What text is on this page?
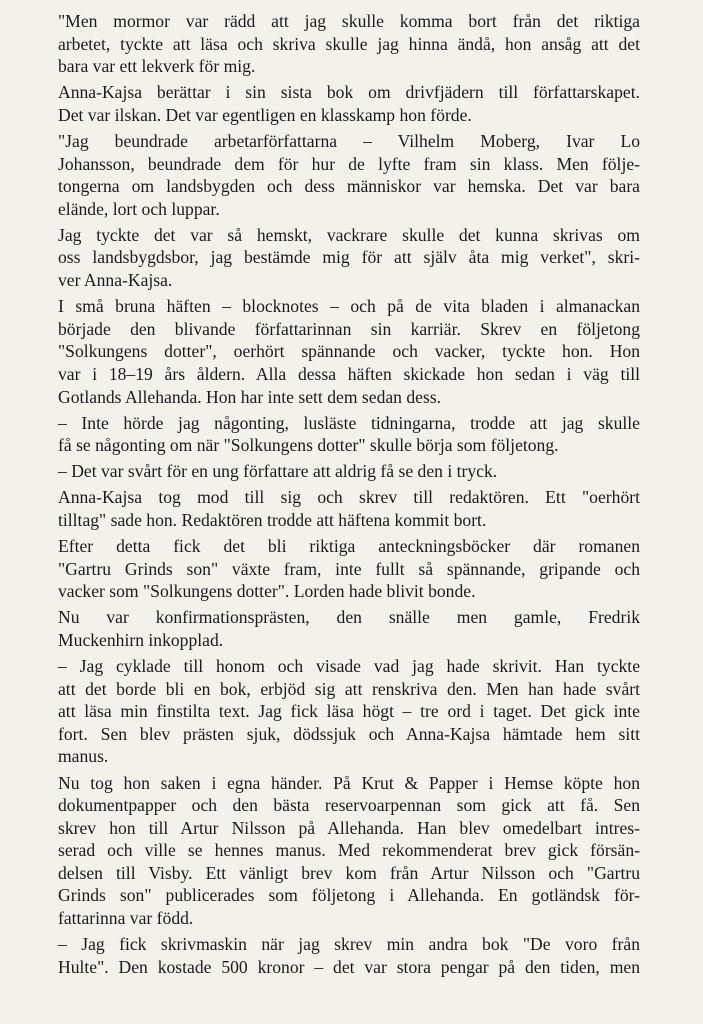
"Men mormor var rädd att jag skulle komma bort från det riktiga
arbetet, tyckte att läsa och skriva skulle jag hinna ändå, hon ansåg att det
bara var ett lekverk för mig.

Anna-Kajsa berättar i sin sista bok om drivfjädern till författarskapet.
Det var ilskan. Det var egentligen en klasskamp hon förde.

"Jag beundrade arbetarförfattarna – Vilhelm Moberg, Ivar Lo
Johansson, beundrade dem för hur de lyfte fram sin klass. Men följe-
tongerna om landsbygden och dess människor var hemska. Det var bara
elände, lort och luppar.

Jag tyckte det var så hemskt, vackrare skulle det kunna skrivas om
oss landsbygdsbor, jag bestämde mig för att själv åta mig verket", skri-
ver Anna-Kajsa.

I små bruna häften – blocknotes – och på de vita bladen i almanackan
började den blivande författarinnan sin karriär. Skrev en följetong
"Solkungens dotter", oerhört spännande och vacker, tyckte hon. Hon
var i 18–19 års åldern. Alla dessa häften skickade hon sedan i väg till
Gotlands Allehanda. Hon har inte sett dem sedan dess.

– Inte hörde jag någonting, lusläste tidningarna, trodde att jag skulle
få se någonting om när "Solkungens dotter" skulle börja som följetong.

– Det var svårt för en ung författare att aldrig få se den i tryck.

Anna-Kajsa tog mod till sig och skrev till redaktören. Ett "oerhört
tilltag" sade hon. Redaktören trodde att häftena kommit bort.

Efter detta fick det bli riktiga anteckningsböcker där romanen
"Gartru Grinds son" växte fram, inte fullt så spännande, gripande och
vacker som "Solkungens dotter". Lorden hade blivit bonde.

Nu var konfirmationsprästen, den snälle men gamle, Fredrik
Muckenhirn inkopplad.

– Jag cyklade till honom och visade vad jag hade skrivit. Han tyckte
att det borde bli en bok, erbjöd sig att renskriva den. Men han hade svårt
att läsa min finstilta text. Jag fick läsa högt – tre ord i taget. Det gick inte
fort. Sen blev prästen sjuk, dödssjuk och Anna-Kajsa hämtade hem sitt
manus.

Nu tog hon saken i egna händer. På Krut & Papper i Hemse köpte hon
dokumentpapper och den bästa reservoarpennan som gick att få. Sen
skrev hon till Artur Nilsson på Allehanda. Han blev omedelbart intres-
serad och ville se hennes manus. Med rekommenderat brev gick försän-
delsen till Visby. Ett vänligt brev kom från Artur Nilsson och "Gartru
Grinds son" publicerades som följetong i Allehanda. En gotländsk för-
fattarinna var född.

– Jag fick skrivmaskin när jag skrev min andra bok "De voro från
Hulte". Den kostade 500 kronor – det var stora pengar på den tiden, men
